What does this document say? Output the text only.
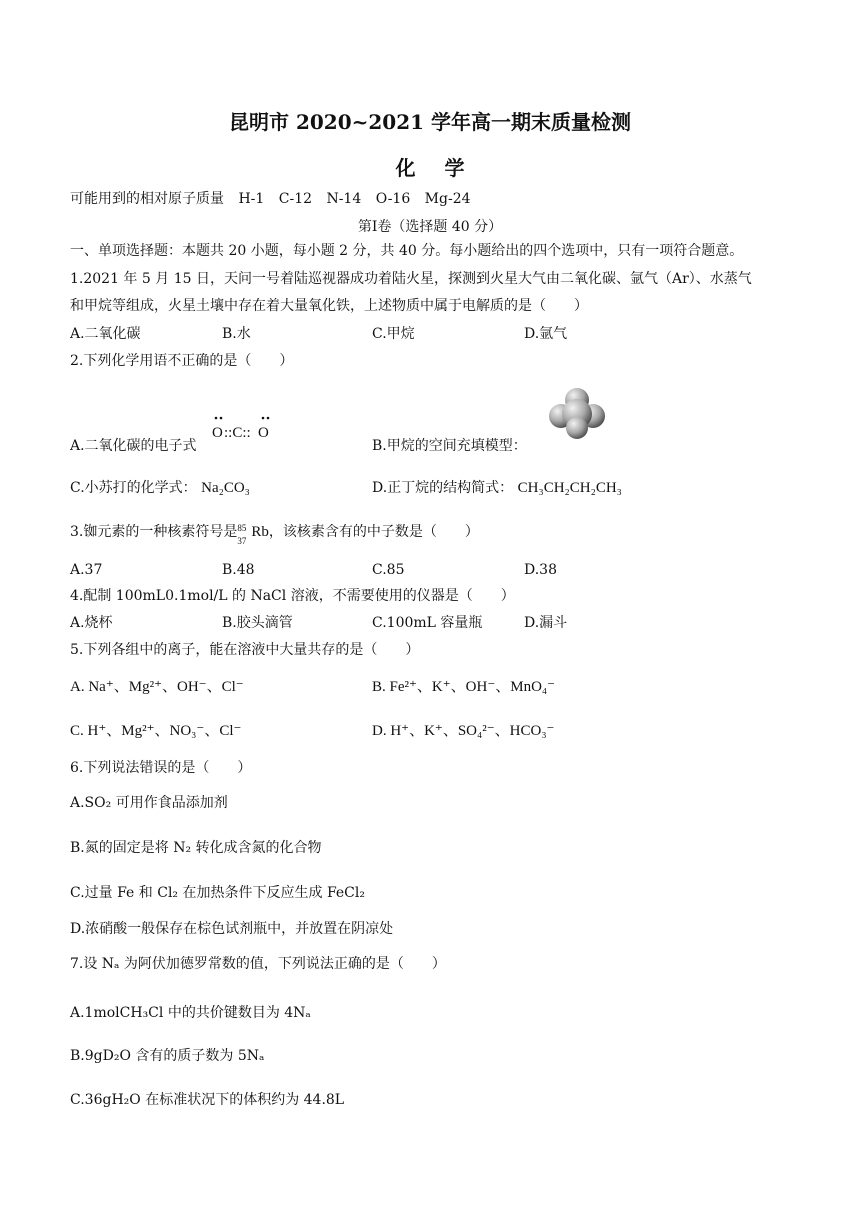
昆明市 2020~2021 学年高一期末质量检测
化 学
可能用到的相对原子质量 H-1 C-12 N-14 O-16 Mg-24
第Ⅰ卷（选择题 40 分）
一、单项选择题：本题共 20 小题，每小题 2 分，共 40 分。每小题给出的四个选项中，只有一项符合题意。
1.2021 年 5 月 15 日，天问一号着陆巡视器成功着陆火星，探测到火星大气由二氧化碳、氩气（Ar）、水蒸气
和甲烷等组成，火星土壤中存在着大量氧化铁，上述物质中属于电解质的是（　　）
A.二氧化碳	B.水	C.甲烷	D.氩气
2.下列化学用语不正确的是（　　）
A.二氧化碳的电子式
O ::C:: O
B.甲烷的空间充填模型：
C.小苏打的化学式： Na₂CO₃	D.正丁烷的结构简式： CH₃CH₂CH₂CH₃
3.铷元素的一种核素符号是 85
37
Rb，该核素含有的中子数是（　　）
A.37	B.48	C.85	D.38
4.配制 100mL0.1mol/L 的 NaCl 溶液，不需要使用的仪器是（　　）
A.烧杯	B.胶头滴管	C.100mL 容量瓶	D.漏斗
5.下列各组中的离子，能在溶液中大量共存的是（　　）
A. Na⁺、Mg²⁺、OH⁻、Cl⁻	B. Fe²⁺、K⁺、OH⁻、MnO₄⁻
C. H⁺、Mg²⁺、NO₃⁻、Cl⁻	D. H⁺、K⁺、SO₄²⁻、HCO₃⁻
6.下列说法错误的是（　　）
A.SO₂ 可用作食品添加剂
B.氮的固定是将 N₂ 转化成含氮的化合物
C.过量 Fe 和 Cl₂ 在加热条件下反应生成 FeCl₂
D.浓硝酸一般保存在棕色试剂瓶中，并放置在阴凉处
7.设 Nₐ 为阿伏加德罗常数的值，下列说法正确的是（　　）
A.1molCH₃Cl 中的共价键数目为 4Nₐ
B.9gD₂O 含有的质子数为 5Nₐ
C.36gH₂O 在标准状况下的体积约为 44.8L
